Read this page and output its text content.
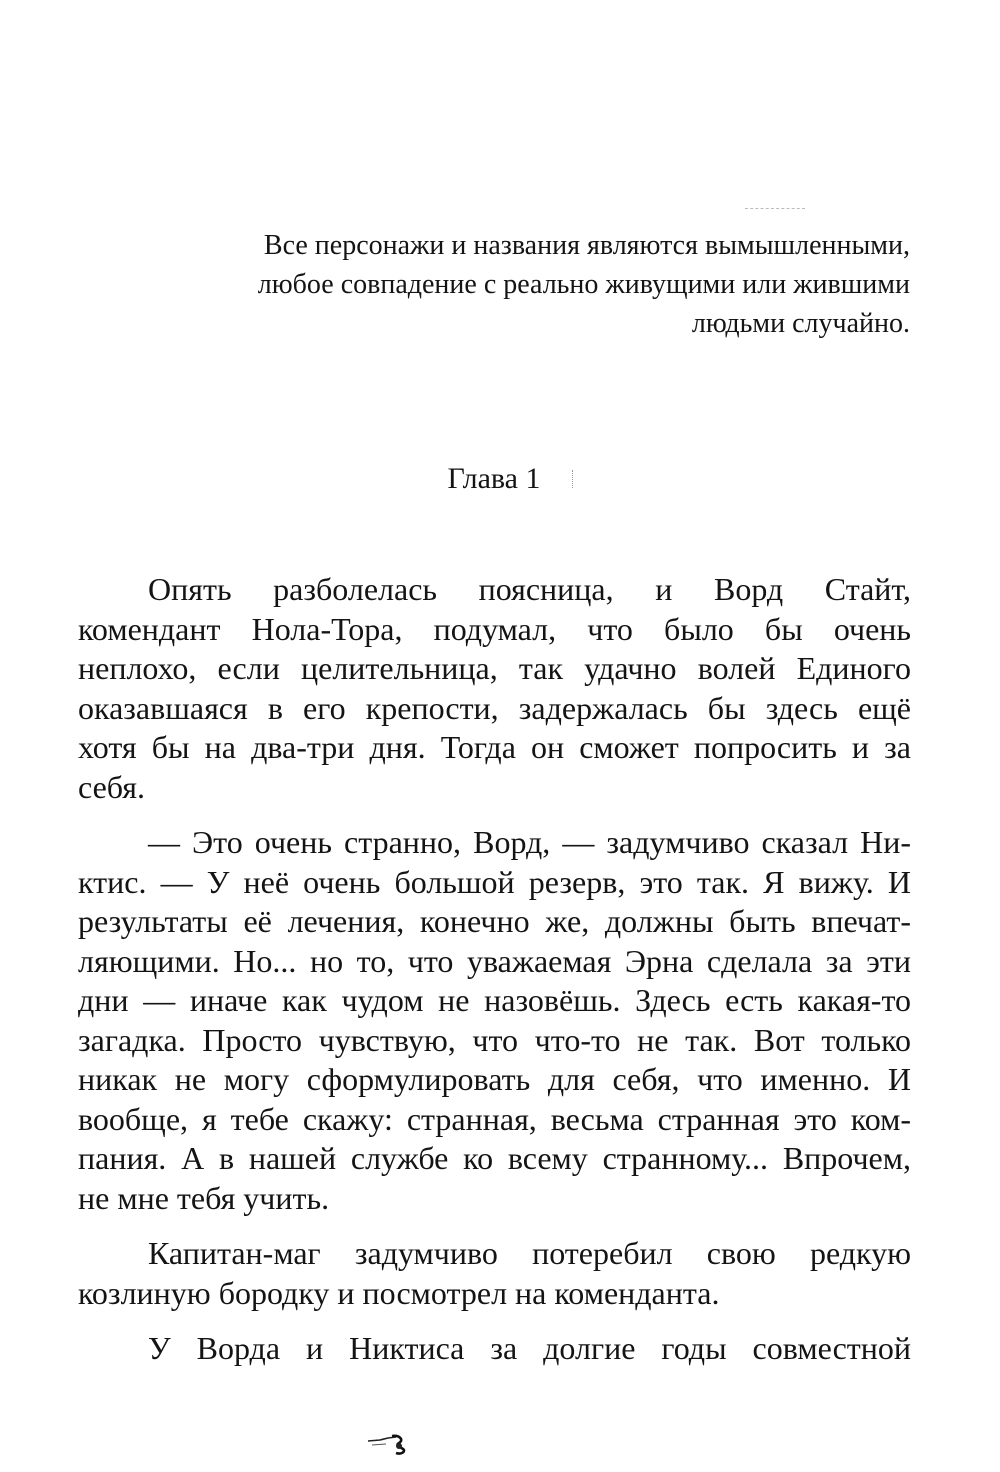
Все персонажи и названия являются вымышленными,
любое совпадение с реально живущими или жившими
людьми случайно.
Глава 1
Опять разболелась поясница, и Ворд Стайт,
комендант Нола-Тора, подумал, что было бы очень
неплохо, если целительница, так удачно волей Единого
оказавшаяся в его крепости, задержалась бы здесь ещё
хотя бы на два-три дня. Тогда он сможет попросить и за
себя.
— Это очень странно, Ворд, — задумчиво сказал Ни-
ктис. — У неё очень большой резерв, это так. Я вижу. И
результаты её лечения, конечно же, должны быть впечат-
ляющими. Но... но то, что уважаемая Эрна сделала за эти
дни — иначе как чудом не назовёшь. Здесь есть какая-то
загадка. Просто чувствую, что что-то не так. Вот только
никак не могу сформулировать для себя, что именно. И
вообще, я тебе скажу: странная, весьма странная это ком-
пания. А в нашей службе ко всему странному... Впрочем,
не мне тебя учить.
Капитан-маг задумчиво потеребил свою редкую
козлиную бородку и посмотрел на коменданта.
У Ворда и Никтиса за долгие годы совместной
